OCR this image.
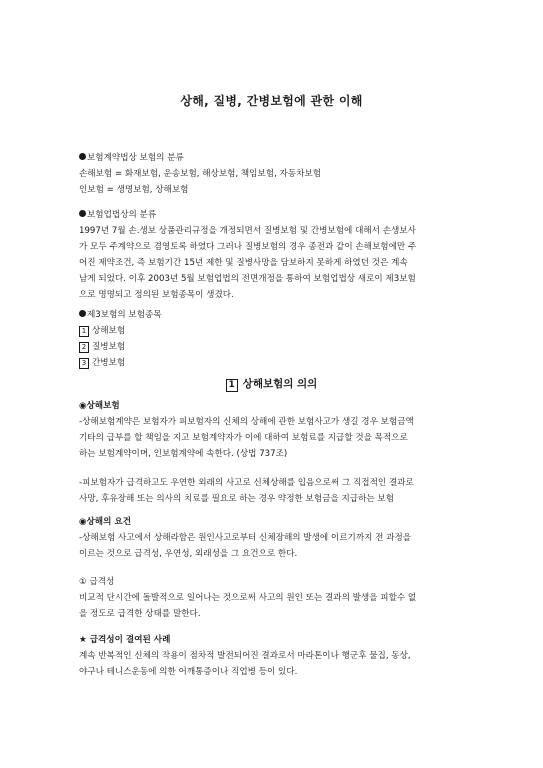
상해, 질병, 간병보험에 관한 이해

보험계약법상 보험의 분류

손해보험 = 화재보험, 운송보험, 해상보험, 책임보험, 자동차보험

인보험 = 생명보험, 상해보험

보험업법상의 분류

1997년 7월 손.생보 상품관리규정을 개정되면서 질병보험 및 간병보험에 대해서 손생보사

가 모두 주계약으로 겸영토록 하였다 그러나 질병보험의 경우 종전과 같이 손해보험에만 주

어진 제약조건, 즉 보험기간 15년 제한 및 질병사망을 담보하지 못하게 하였던 것은 계속

남게 되었다. 이후 2003년 5월 보험업법의 전면개정을 통하여 보험업법상 새로이 제3보험

으로 명명되고 정의된 보험종목이 생겼다.

제3보험의 보험종목

1 상해보험

2 질병보험

3 간병보험

1 상해보험의 의의

◉상해보험

-상해보험계약은 보험자가 피보험자의 신체의 상해에 관한 보험사고가 생길 경우 보험금액

기타의 급부를 할 책임을 지고 보험계약자가 이에 대하여 보험료를 지급할 것을 목적으로

하는 보험계약이며, 인보험계약에 속한다. (상법 737조)

-피보험자가 급격하고도 우연한 외래의 사고로 신체상해를 입음으로써 그 직접적인 결과로

사망, 후유장해 또는 의사의 치료를 필요로 하는 경우 약정한 보험금을 지급하는 보험

◉상해의 요건

-상해보험 사고에서 상해라함은 원인사고로부터 신체장해의 발생에 이르기까지 전 과정을

이르는 것으로 급격성, 우연성, 외래성을 그 요건으로 한다.

① 급격성

비교적 단시간에 돌발적으로 일어나는 것으로써 사고의 원인 또는 결과의 발생을 피할수 없

을 정도로 급격한 상태를 말한다.

★ 급격성이 결여된 사례

계속 반복적인 신체의 작용이 점차적 발전되어진 결과로서 마라톤이나 행군후 물집, 동상,

야구나 테니스운동에 의한 어깨통증이나 직업병 등이 있다.
